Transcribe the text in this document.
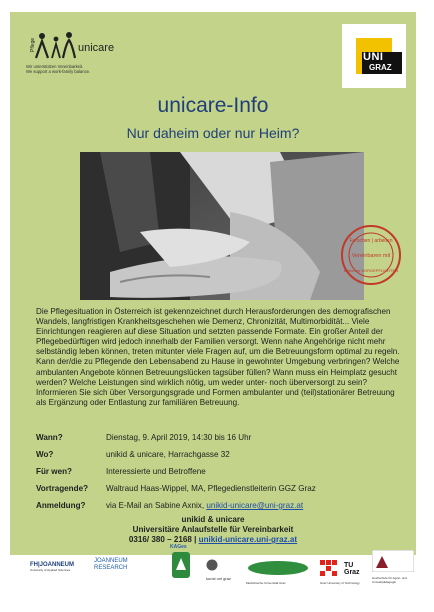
Pflege	unicare
Wir unterstützen Vereinbarkeit.
We support a work-family balance.
UNI
GRAZ
unicare-Info
Nur daheim oder nur Heim?
Forschen | arbeiten
Vereinbaren mit
Betreuen SORGEPFLICHTEN
Die Pflegesituation in Österreich ist gekennzeichnet durch Herausforderungen des demografischen Wandels, langfristigen Krankheitsgeschehen wie Demenz, Chronizität, Multimorbidität... Viele Einrichtungen reagieren auf diese Situation und setzten passende Formate. Ein großer Anteil der Pflegebedürftigen wird jedoch innerhalb der Familien versorgt. Wenn nahe Angehörige nicht mehr selbständig leben können, treten mitunter viele Fragen auf, um die Betreuungsform optimal zu regeln. Kann der/die zu Pflegende den Lebensabend zu Hause in gewohnter Umgebung verbringen? Welche ambulanten Angebote können Betreuungslücken tagsüber füllen? Wann muss ein Heimplatz gesucht werden? Welche Leistungen sind wirklich nötig, um weder unter- noch überversorgt zu sein? Informieren Sie sich über Versorgungsgrade und Formen ambulanter und (teil)stationärer Betreuung als Ergänzung oder Entlastung zur familiären Betreuung.
Wann?	Dienstag, 9. April 2019, 14:30 bis 16 Uhr
Wo?	unikid & unicare, Harrachgasse 32
Für wen?	Interessierte und Betroffene
Vortragende? Waltraud Haas-Wippel, MA, Pflegedienstleiterin GGZ Graz
Anmeldung?	via E-Mail an Sabine Axnix, unikid-unicare@uni-graz.at
unikid & unicare
Universitäre Anlaufstelle für Vereinbarkeit
0316/ 380 – 2168 | unikid-unicare.uni-graz.at
FH|JOANNEUM
University of Applied Sciences
JOANNEUM RESEARCH
KAGes
kunst uni graz
Medizinische Universität Graz
TU Graz
Graz University of Technology
Hochschule für Agrar- und Umweltpädagogik
